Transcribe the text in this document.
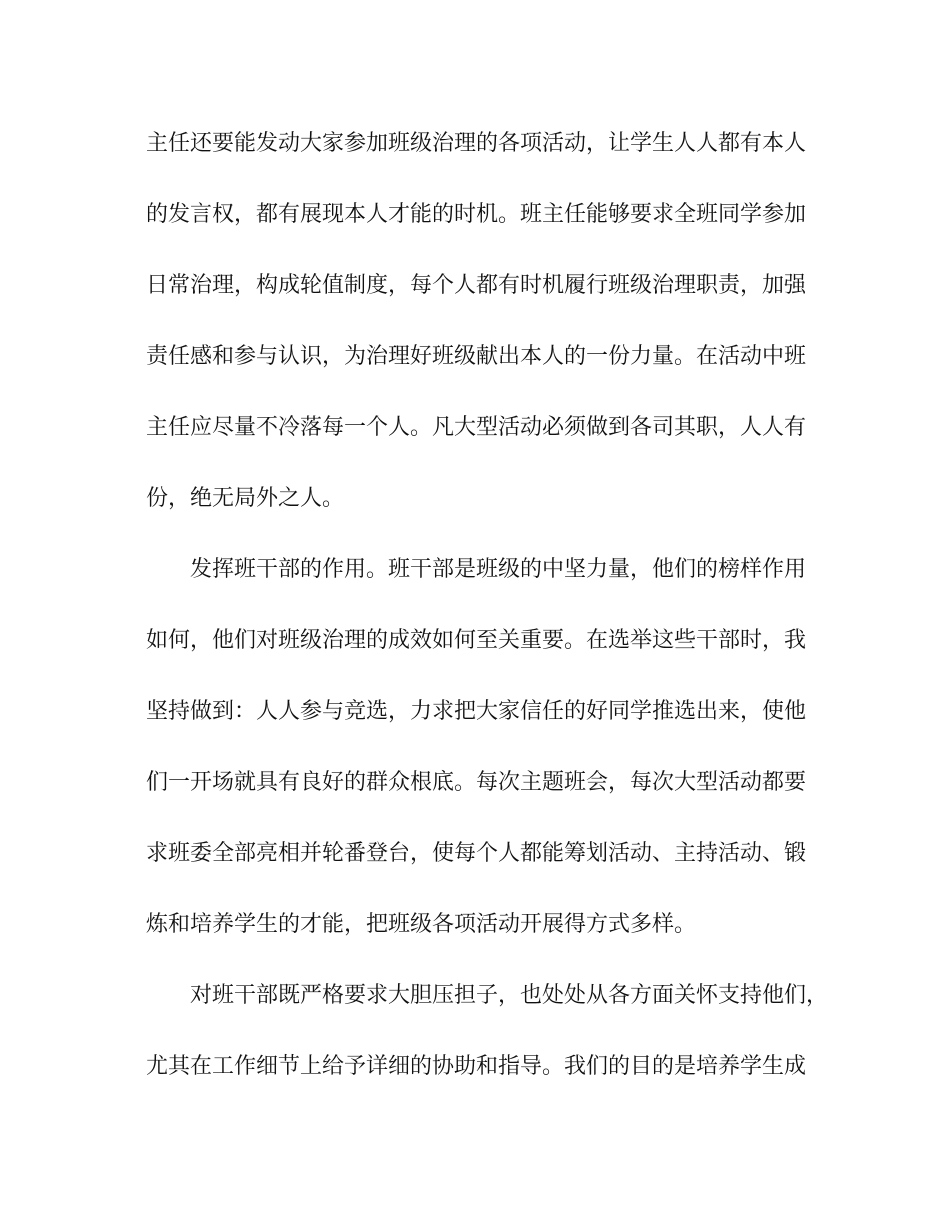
主任还要能发动大家参加班级治理的各项活动，让学生人人都有本人
的发言权，都有展现本人才能的时机。班主任能够要求全班同学参加
日常治理，构成轮值制度，每个人都有时机履行班级治理职责，加强
责任感和参与认识，为治理好班级献出本人的一份力量。在活动中班
主任应尽量不冷落每一个人。凡大型活动必须做到各司其职，人人有
份，绝无局外之人。
发挥班干部的作用。班干部是班级的中坚力量，他们的榜样作用
如何，他们对班级治理的成效如何至关重要。在选举这些干部时，我
坚持做到：人人参与竞选，力求把大家信任的好同学推选出来，使他
们一开场就具有良好的群众根底。每次主题班会，每次大型活动都要
求班委全部亮相并轮番登台，使每个人都能筹划活动、主持活动、锻
炼和培养学生的才能，把班级各项活动开展得方式多样。
对班干部既严格要求大胆压担子，也处处从各方面关怀支持他们，
尤其在工作细节上给予详细的协助和指导。我们的目的是培养学生成
